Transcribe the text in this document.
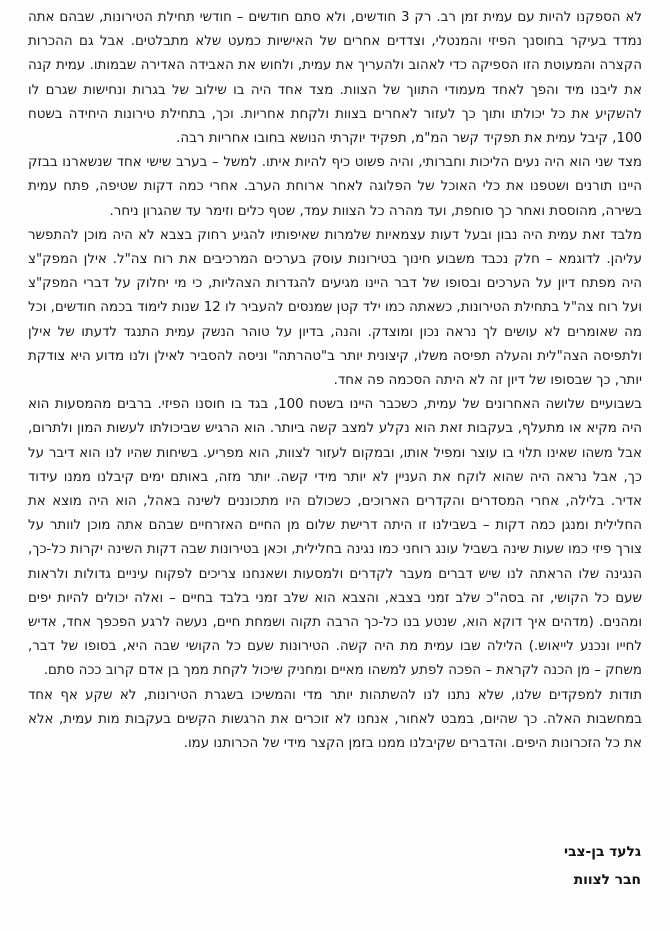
לא הספקנו להיות עם עמית זמן רב. רק 3 חודשים, ולא סתם חודשים – חודשי תחילת הטירונות, שבהם אתה נמדד בעיקר בחוסנך הפיזי והמנטלי, וצדדים אחרים של האישיות כמעט שלא מתבלטים. אבל גם ההכרות הקצרה והמעוטת הזו הספיקה כדי לאהוב ולהעריך את עמית, ולחוש את האבידה האדירה שבמותו. עמית קנה את ליבנו מיד והפך לאחד מעמודי התווך של הצוות. מצד אחד היה בו שילוב של בגרות ונחישות שגרם לו להשקיע את כל יכולתו ותוך כך לעזור לאחרים בצוות ולקחת אחריות. וכך, בתחילת טירונות היחידה בשטח 100, קיבל עמית את תפקיד קשר המ"מ, תפקיד יוקרתי הנושא בחובו אחריות רבה.

מצד שני הוא היה נעים הליכות וחברותי, והיה פשוט כיף להיות איתו. למשל – בערב שישי אחד שנשארנו בבזק היינו תורנים ושטפנו את כלי האוכל של הפלוגה לאחר ארוחת הערב. אחרי כמה דקות שטיפה, פתח עמית בשירה, מהוססת ואחר כך סוחפת, ועד מהרה כל הצוות עמד, שטף כלים וזימר עד שהגרון ניחר.

מלבד זאת עמית היה נבון ובעל דעות עצמאיות שלמרות שאיפותיו להגיע רחוק בצבא לא היה מוכן להתפשר עליהן. לדוגמא – חלק נכבד משבוע חינוך בטירונות עוסק בערכים המרכיבים את רוח צה"ל. אילן המפק"צ היה מפתח דיון על הערכים ובסופו של דבר היינו מגיעים להגדרות הצהליות, כי מי יחלוק על דברי המפק"צ ועל רוח צה"ל בתחילת הטירונות, כשאתה כמו ילד קטן שמנסים להעביר לו 12 שנות לימוד בכמה חודשים, וכל מה שאומרים לא עושים לך נראה נכון ומוצדק. והנה, בדיון על טוהר הנשק עמית התנגד לדעתו של אילן ולתפיסה הצה"לית והעלה תפיסה משלו, קיצונית יותר ב"טהרתה" וניסה להסביר לאילן ולנו מדוע היא צודקת יותר, כך שבסופו של דיון זה לא היתה הסכמה פה אחד.

בשבועיים שלושה האחרונים של עמית, כשכבר היינו בשטח 100, בגד בו חוסנו הפיזי. ברבים מהמסעות הוא היה מקיא או מתעלף, בעקבות זאת הוא נקלע למצב קשה ביותר. הוא הרגיש שביכולתו לעשות המון ולתרום, אבל משהו שאינו תלוי בו עוצר ומפיל אותו, ובמקום לעזור לצוות, הוא מפריע. בשיחות שהיו לנו הוא דיבר על כך, אבל נראה היה שהוא לוקח את העניין לא יותר מידי קשה. יותר מזה, באותם ימים קיבלנו ממנו עידוד אדיר. בלילה, אחרי המסדרים והקדרים הארוכים, כשכולם היו מתכוננים לשינה באהל, הוא היה מוצא את החלילית ומנגן כמה דקות – בשבילנו זו היתה דרישת שלום מן החיים האזרחיים שבהם אתה מוכן לוותר על צורך פיזי כמו שעות שינה בשביל עונג רוחני כמו נגינה בחלילית, וכאן בטירונות שבה דקות השינה יקרות כל-כך, הנגינה שלו הראתה לנו שיש דברים מעבר לקדרים ולמסעות ושאנחנו צריכים לפקוח עיניים גדולות ולראות שעם כל הקושי, זה בסה"כ שלב זמני בצבא, והצבא הוא שלב זמני בלבד בחיים – ואלה יכולים להיות יפים ומהנים. (מדהים איך דוקא הוא, שנטע בנו כל-כך הרבה תקוה ושמחת חיים, נעשה לרגע הפכפך אחד, אדיש לחייו ונכנע לייאוש.) הלילה שבו עמית מת היה קשה. הטירונות שעם כל הקושי שבה היא, בסופו של דבר, משחק – מן הכנה לקראת – הפכה לפתע למשהו מאיים ומחניק שיכול לקחת ממך בן אדם קרוב ככה סתם.

תודות למפקדים שלנו, שלא נתנו לנו להשתהות יותר מדי והמשיכו בשגרת הטירונות, לא שקע אף אחד במחשבות האלה. כך שהיום, במבט לאחור, אנחנו לא זוכרים את הרגשות הקשים בעקבות מות עמית, אלא את כל הזכרונות היפים. והדברים שקיבלנו ממנו בזמן הקצר מידי של הכרותנו עמו.

גלעד בן-צבי
חבר לצוות
